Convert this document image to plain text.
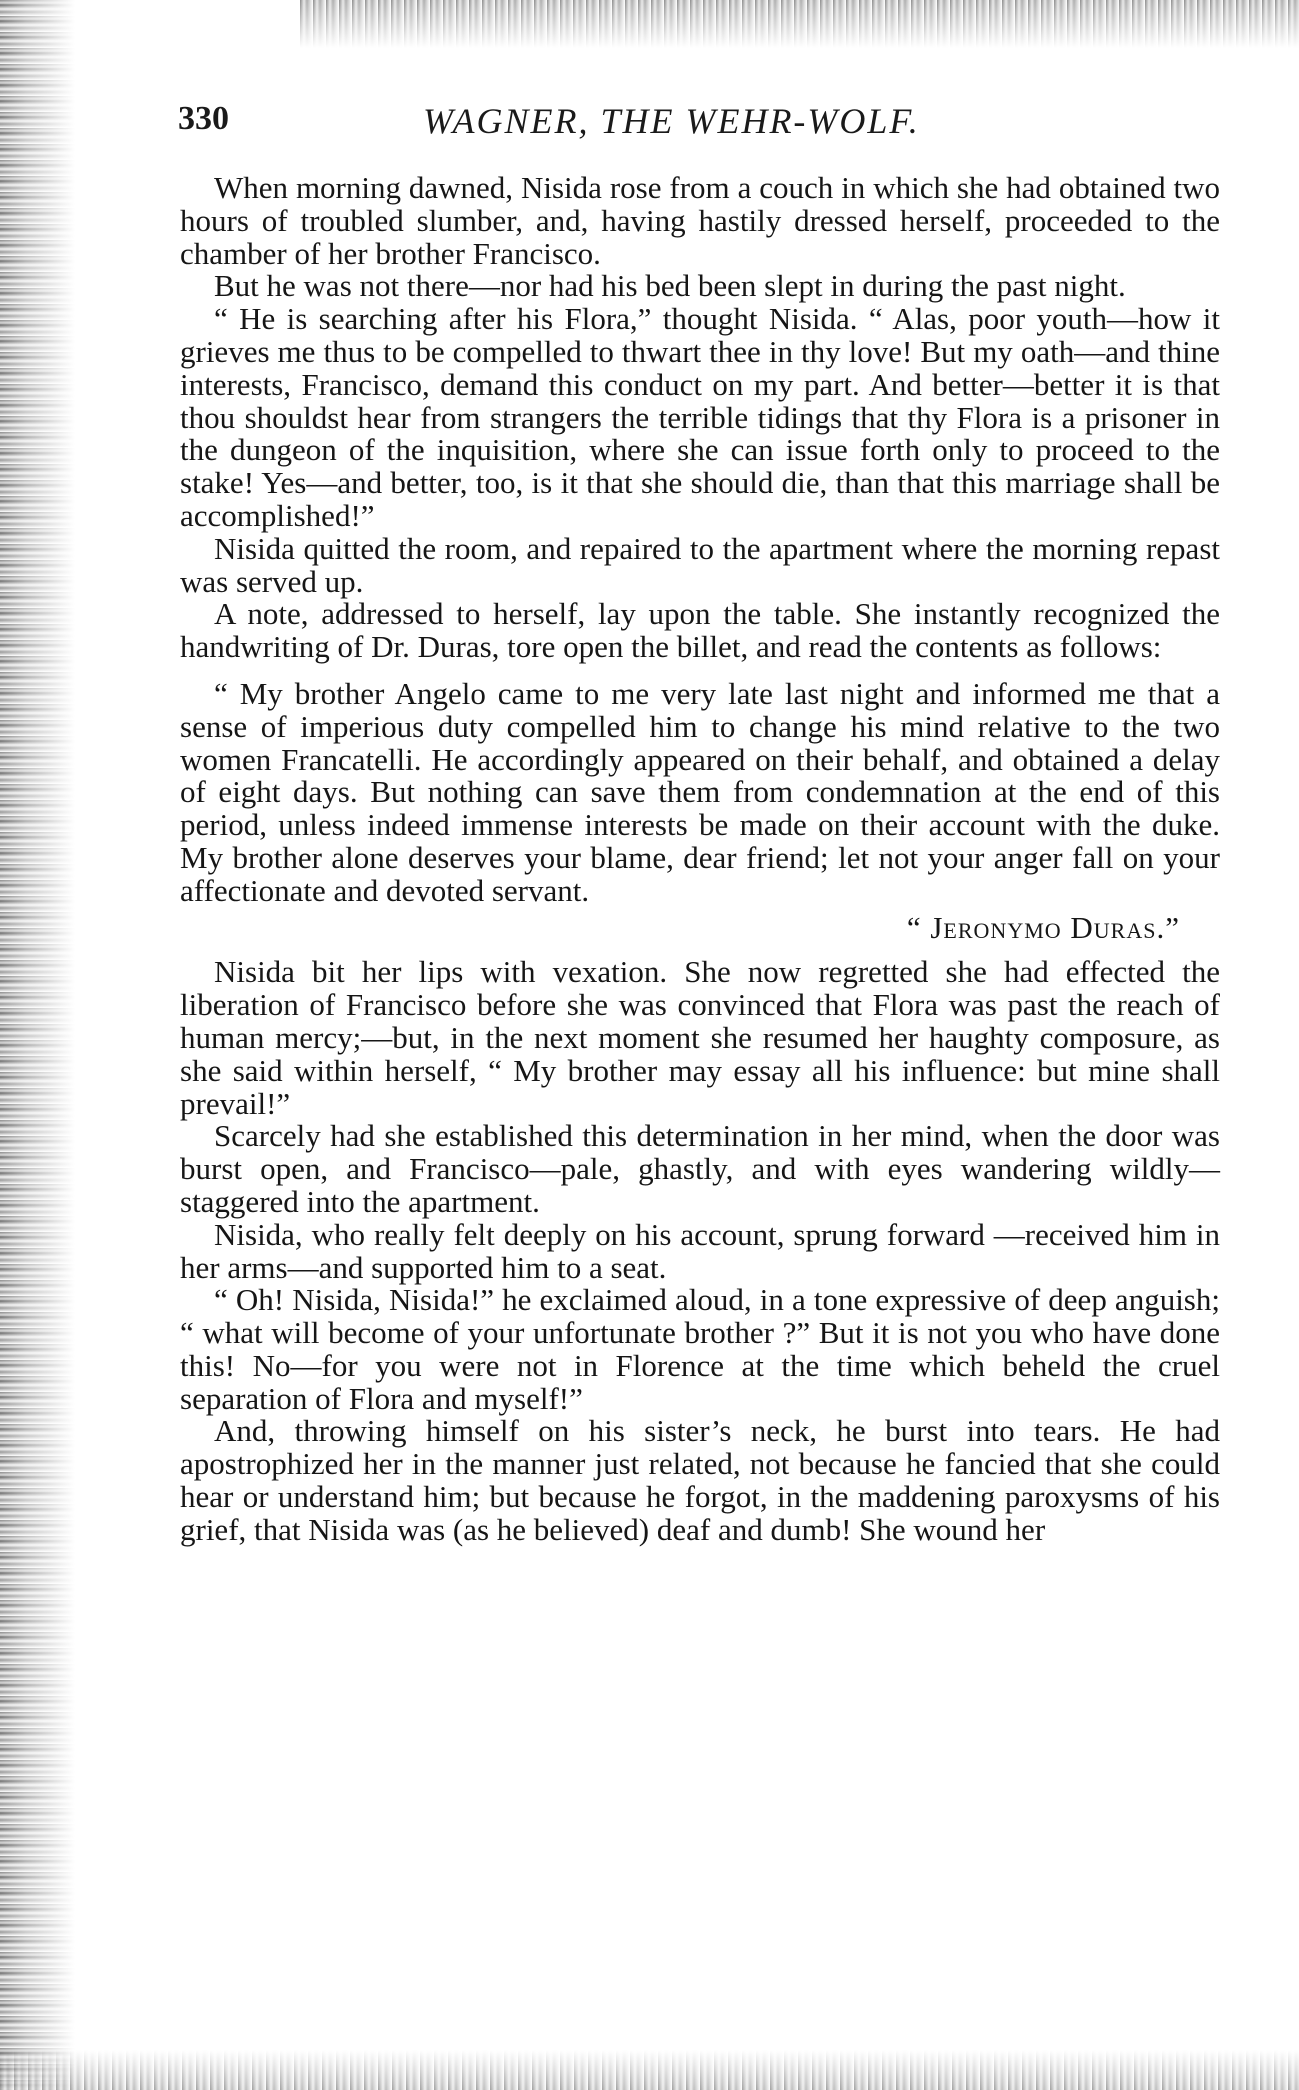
330	WAGNER, THE WEHR-WOLF.

When morning dawned, Nisida rose from a couch in which she had obtained two hours of troubled slumber, and, having hastily dressed herself, proceeded to the chamber of her brother Francisco.

But he was not there—nor had his bed been slept in during the past night.

“ He is searching after his Flora,” thought Nisida. “ Alas, poor youth—how it grieves me thus to be compelled to thwart thee in thy love! But my oath—and thine interests, Francisco, demand this conduct on my part. And better—better it is that thou shouldst hear from strangers the terrible tidings that thy Flora is a prisoner in the dungeon of the inquisition, where she can issue forth only to proceed to the stake! Yes—and better, too, is it that she should die, than that this marriage shall be accomplished!”

Nisida quitted the room, and repaired to the apartment where the morning repast was served up.

A note, addressed to herself, lay upon the table. She instantly recognized the handwriting of Dr. Duras, tore open the billet, and read the contents as follows:

“ My brother Angelo came to me very late last night and informed me that a sense of imperious duty compelled him to change his mind relative to the two women Francatelli. He accordingly appeared on their behalf, and obtained a delay of eight days. But nothing can save them from condemnation at the end of this period, unless indeed immense interests be made on their account with the duke. My brother alone deserves your blame, dear friend; let not your anger fall on your affectionate and devoted servant.

“ Jeronymo Duras.”

Nisida bit her lips with vexation. She now regretted she had effected the liberation of Francisco before she was convinced that Flora was past the reach of human mercy;—but, in the next moment she resumed her haughty composure, as she said within herself, “ My brother may essay all his influence: but mine shall prevail!”

Scarcely had she established this determination in her mind, when the door was burst open, and Francisco—pale, ghastly, and with eyes wandering wildly—staggered into the apartment.

Nisida, who really felt deeply on his account, sprung forward —received him in her arms—and supported him to a seat.

“ Oh! Nisida, Nisida!” he exclaimed aloud, in a tone expressive of deep anguish; “ what will become of your unfortunate brother ?” But it is not you who have done this! No—for you were not in Florence at the time which beheld the cruel separation of Flora and myself!”

And, throwing himself on his sister’s neck, he burst into tears. He had apostrophized her in the manner just related, not because he fancied that she could hear or understand him; but because he forgot, in the maddening paroxysms of his grief, that Nisida was (as he believed) deaf and dumb! She wound her
